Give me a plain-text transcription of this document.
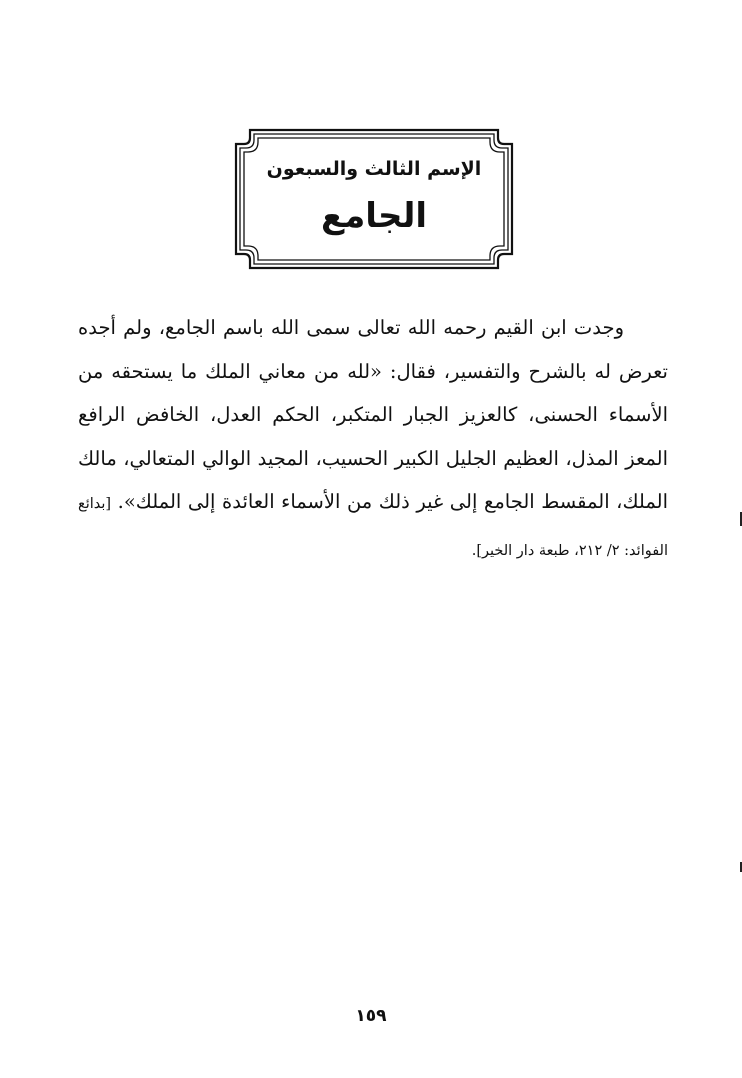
الإسم الثالث والسبعون
الجامع

وجدت ابن القيم رحمه الله تعالى سمى الله باسم الجامع، ولم أجده تعرض له بالشرح والتفسير، فقال: «لله من معاني الملك ما يستحقه من الأسماء الحسنى، كالعزيز الجبار المتكبر، الحكم العدل، الخافض الرافع المعز المذل، العظيم الجليل الكبير الحسيب، المجيد الوالي المتعالي، مالك الملك، المقسط الجامع إلى غير ذلك من الأسماء العائدة إلى الملك». [بدائع الفوائد: ٢/ ٢١٢، طبعة دار الخير].

١٥٩
